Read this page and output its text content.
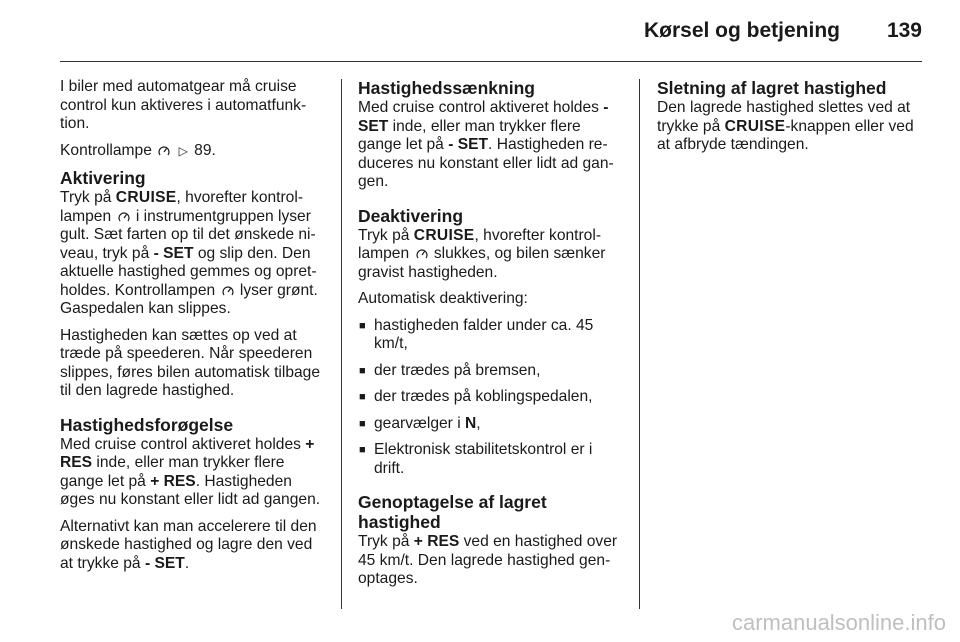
Kørsel og betjening 139

I biler med automatgear må cruise control kun aktiveres i automatfunktion.

Kontrollampe ▷ 89.

Aktivering

Tryk på CRUISE, hvorefter kontrollampen i instrumentgruppen lyser gult. Sæt farten op til det ønskede niveau, tryk på - SET og slip den. Den aktuelle hastighed gemmes og opretholdes. Kontrollampen lyser grønt. Gaspedalen kan slippes.

Hastigheden kan sættes op ved at træde på speederen. Når speederen slippes, føres bilen automatisk tilbage til den lagrede hastighed.

Hastighedsforøgelse

Med cruise control aktiveret holdes + RES inde, eller man trykker flere gange let på + RES. Hastigheden øges nu konstant eller lidt ad gangen.

Alternativt kan man accelerere til den ønskede hastighed og lagre den ved at trykke på - SET.

Hastighedssænkning

Med cruise control aktiveret holdes - SET inde, eller man trykker flere gange let på - SET. Hastigheden reduceres nu konstant eller lidt ad gangen.

Deaktivering

Tryk på CRUISE, hvorefter kontrollampen slukkes, og bilen sænker gravist hastigheden.

Automatisk deaktivering:

■ hastigheden falder under ca. 45 km/t,
■ der trædes på bremsen,
■ der trædes på koblingspedalen,
■ gearvælger i N,
■ Elektronisk stabilitetskontrol er i drift.
Genoptagelse af lagret hastighed

Tryk på + RES ved en hastighed over 45 km/t. Den lagrede hastighed genoptages.

Sletning af lagret hastighed

Den lagrede hastighed slettes ved at trykke på CRUISE-knappen eller ved at afbryde tændingen.

carmanualsonline.info
